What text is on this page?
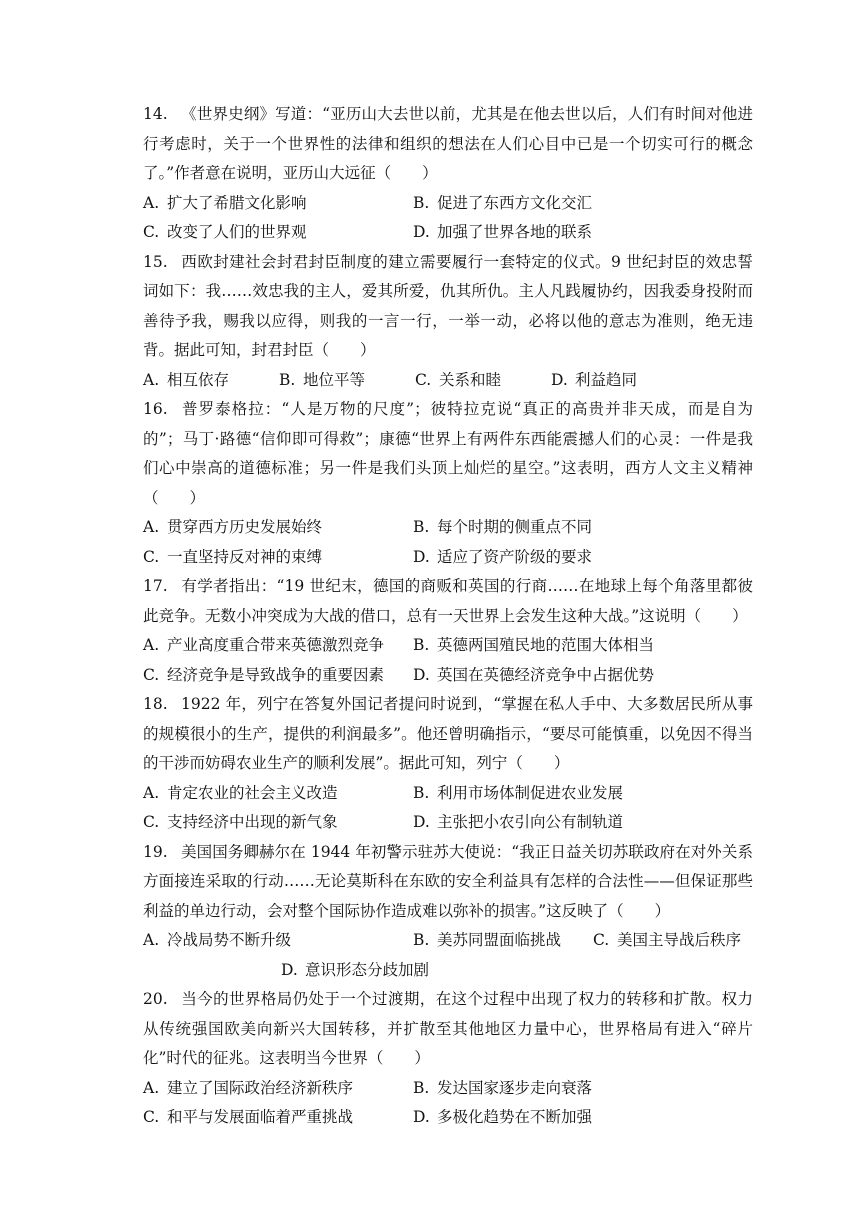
14. 《世界史纲》写道：“亚历山大去世以前，尤其是在他去世以后，人们有时间对他进行考虑时，关于一个世界性的法律和组织的想法在人们心目中已是一个切实可行的概念了。”作者意在说明，亚历山大远征（　　）
A. 扩大了希腊文化影响	B. 促进了东西方文化交汇
C. 改变了人们的世界观	D. 加强了世界各地的联系
15. 西欧封建社会封君封臣制度的建立需要履行一套特定的仪式。9 世纪封臣的效忠誓词如下：我……效忠我的主人，爱其所爱，仇其所仇。主人凡践履协约，因我委身投附而善待予我，赐我以应得，则我的一言一行，一举一动，必将以他的意志为准则，绝无违背。据此可知，封君封臣（　　）
A. 相互依存	B. 地位平等	C. 关系和睦	D. 利益趋同
16. 普罗泰格拉：“人是万物的尺度”；彼特拉克说“真正的高贵并非天成，而是自为的”；马丁·路德“信仰即可得救”；康德“世界上有两件东西能震撼人们的心灵：一件是我们心中崇高的道德标准；另一件是我们头顶上灿烂的星空。”这表明，西方人文主义精神（　　）
A. 贯穿西方历史发展始终	B. 每个时期的侧重点不同
C. 一直坚持反对神的束缚	D. 适应了资产阶级的要求
17. 有学者指出：“19 世纪末，德国的商贩和英国的行商……在地球上每个角落里都彼此竞争。无数小冲突成为大战的借口，总有一天世界上会发生这种大战。”这说明（　　）
A. 产业高度重合带来英德激烈竞争	B. 英德两国殖民地的范围大体相当
C. 经济竞争是导致战争的重要因素	D. 英国在英德经济竞争中占据优势
18. 1922 年，列宁在答复外国记者提问时说到，“掌握在私人手中、大多数居民所从事的规模很小的生产，提供的利润最多”。他还曾明确指示，“要尽可能慎重，以免因不得当的干涉而妨碍农业生产的顺利发展”。据此可知，列宁（　　）
A. 肯定农业的社会主义改造	B. 利用市场体制促进农业发展
C. 支持经济中出现的新气象	D. 主张把小农引向公有制轨道
19. 美国国务卿赫尔在 1944 年初警示驻苏大使说：“我正日益关切苏联政府在对外关系方面接连采取的行动……无论莫斯科在东欧的安全利益具有怎样的合法性——但保证那些利益的单边行动，会对整个国际协作造成难以弥补的损害。”这反映了（　　）
A. 冷战局势不断升级	B. 美苏同盟面临挑战	C. 美国主导战后秩序
D. 意识形态分歧加剧
20. 当今的世界格局仍处于一个过渡期，在这个过程中出现了权力的转移和扩散。权力从传统强国欧美向新兴大国转移，并扩散至其他地区力量中心，世界格局有进入“碎片化”时代的征兆。这表明当今世界（　　）
A. 建立了国际政治经济新秩序	B. 发达国家逐步走向衰落
C. 和平与发展面临着严重挑战	D. 多极化趋势在不断加强
